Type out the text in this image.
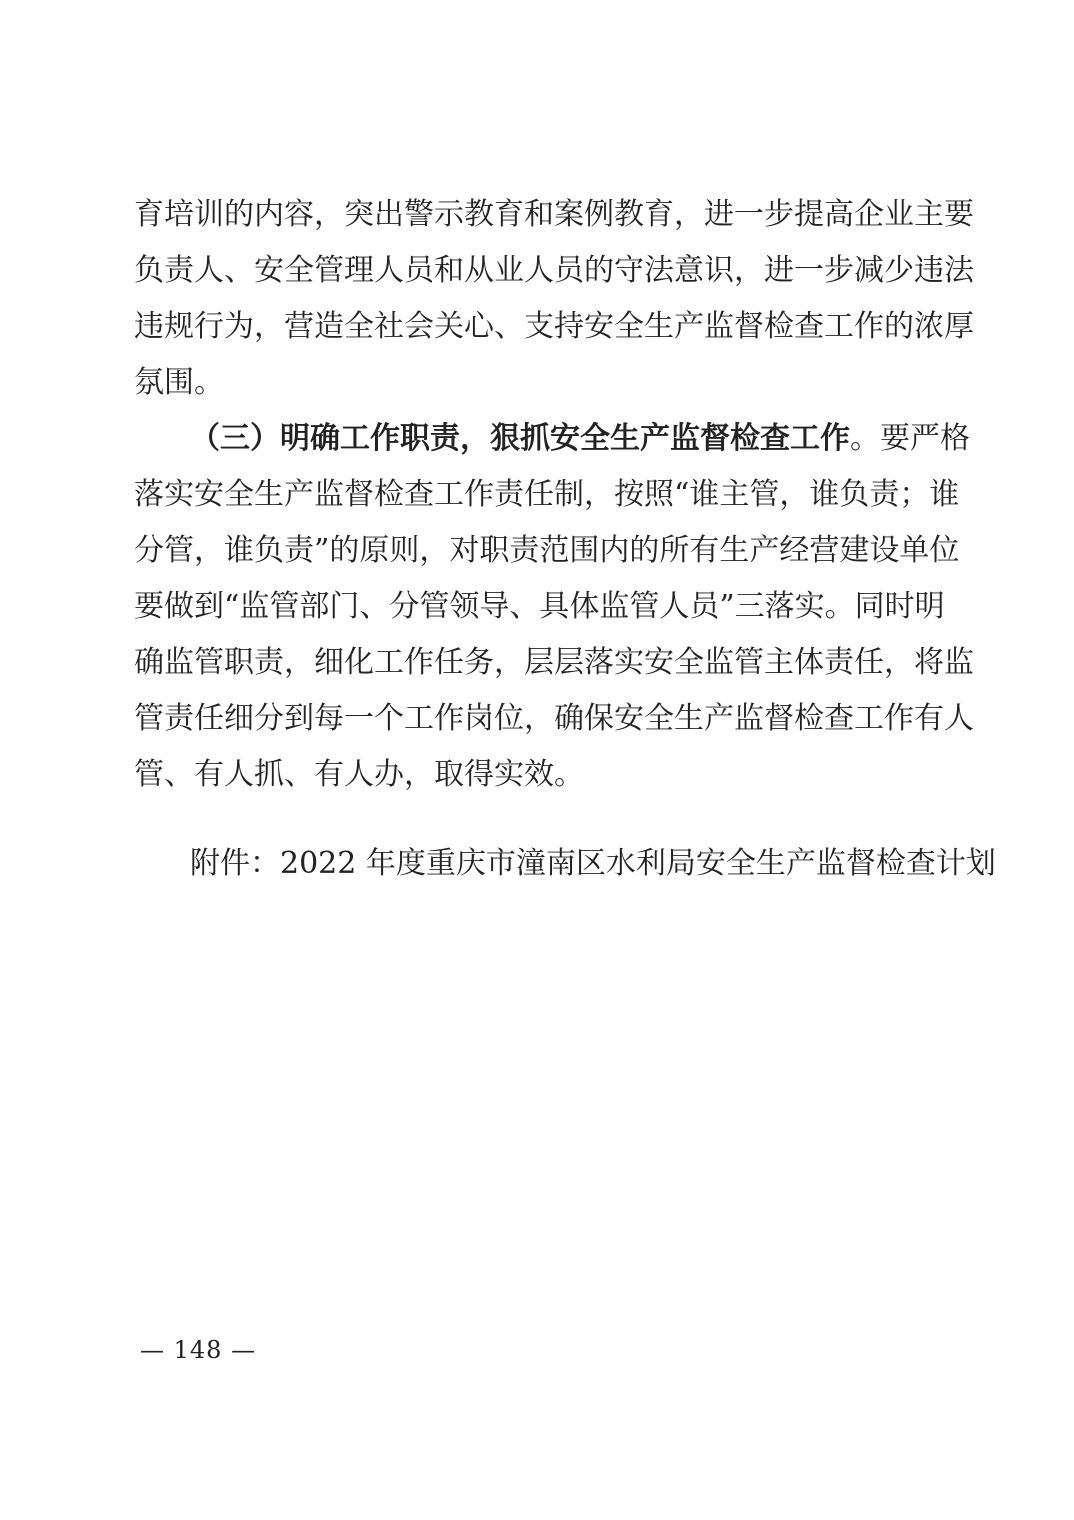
育培训的内容，突出警示教育和案例教育，进一步提高企业主要
负责人、安全管理人员和从业人员的守法意识，进一步减少违法
违规行为，营造全社会关心、支持安全生产监督检查工作的浓厚
氛围。
（三）明确工作职责，狠抓安全生产监督检查工作。要严格
落实安全生产监督检查工作责任制，按照“谁主管，谁负责；谁
分管，谁负责”的原则，对职责范围内的所有生产经营建设单位
要做到“监管部门、分管领导、具体监管人员”三落实。同时明
确监管职责，细化工作任务，层层落实安全监管主体责任，将监
管责任细分到每一个工作岗位，确保安全生产监督检查工作有人
管、有人抓、有人办，取得实效。
附件：2022 年度重庆市潼南区水利局安全生产监督检查计划
— 148 —
